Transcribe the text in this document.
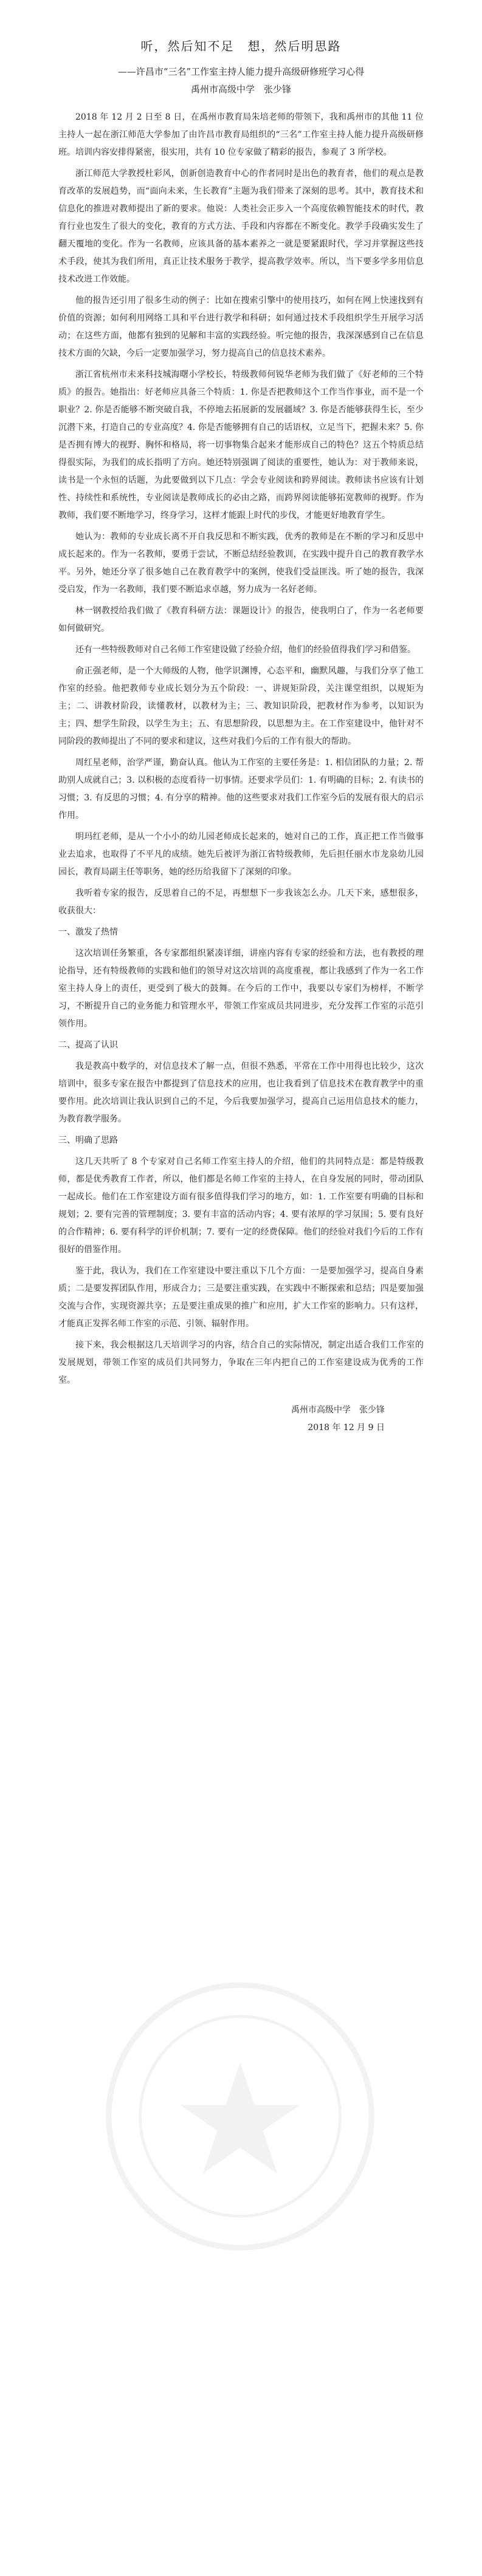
听，然后知不足　想，然后明思路
——许昌市“三名”工作室主持人能力提升高级研修班学习心得
禹州市高级中学　张少锋

2018 年 12 月 2 日至 8 日，在禹州市教育局朱培老师的带领下，我和禹州市的其他 11 位主持人一起在浙江师范大学参加了由许昌市教育局组织的“三名”工作室主持人能力提升高级研修班。培训内容安排得紧密，很实用，共有 10 位专家做了精彩的报告，参观了 3 所学校。

浙江师范大学教授杜彩风，创新创造教育中心的作者同时是出色的教育者，他们的观点是教育改革的发展趋势，而“面向未来，生长教育”主题为我们带来了深刻的思考。其中，教育技术和信息化的推进对教师提出了新的要求。他说：人类社会正步入一个高度依赖智能技术的时代，教育行业也发生了很大的变化，教育的方式方法、手段和内容都在不断变化。教学手段确实发生了翻天覆地的变化。作为一名教师，应该具备的基本素养之一就是要紧跟时代，学习并掌握这些技术手段，使其为我们所用，真正让技术服务于教学，提高教学效率。所以，当下要多学多用信息技术改进工作效能。

他的报告还引用了很多生动的例子：比如在搜索引擎中的使用技巧，如何在网上快速找到有价值的资源；如何利用网络工具和平台进行教学和科研；如何通过技术手段组织学生开展学习活动；在这些方面，他都有独到的见解和丰富的实践经验。听完他的报告，我深深感到自己在信息技术方面的欠缺，今后一定要加强学习，努力提高自己的信息技术素养。

浙江省杭州市未来科技城海曙小学校长，特级教师何锐华老师为我们做了《好老师的三个特质》的报告。她指出：好老师应具备三个特质：1. 你是否把教师这个工作当作事业，而不是一个职业？2. 你是否能够不断突破自我，不停地去拓展新的发展疆域？3. 你是否能够获得生长，至少沉潜下来，打造自己的专业高度？4. 你是否能够拥有自己的话语权，立足当下，把握未来？5. 你是否拥有博大的视野、胸怀和格局，将一切事物集合起来才能形成自己的特色？这五个特质总结得很实际，为我们的成长指明了方向。她还特别强调了阅读的重要性，她认为：对于教师来说，读书是一个永恒的话题，为此要做到以下几点：学会专业阅读和跨界阅读。教师读书应该有计划性、持续性和系统性，专业阅读是教师成长的必由之路，而跨界阅读能够拓宽教师的视野。作为教师，我们要不断地学习，终身学习，这样才能跟上时代的步伐，才能更好地教育学生。

她认为：教师的专业成长离不开自我反思和不断实践，优秀的教师是在不断的学习和反思中成长起来的。作为一名教师，要勇于尝试，不断总结经验教训，在实践中提升自己的教育教学水平。另外，她还分享了很多她自己在教育教学中的案例，使我们受益匪浅。听了她的报告，我深受启发，作为一名教师，我们要不断追求卓越，努力成为一名好老师。

林一钢教授给我们做了《教育科研方法：课题设计》的报告，使我明白了，作为一名老师要如何做研究。

还有一些特级教师对自己名师工作室建设做了经验介绍，他们的经验值得我们学习和借鉴。

俞正强老师，是一个大师级的人物，他学识渊博，心态平和，幽默风趣，与我们分享了他工作室的经验。他把教师专业成长划分为五个阶段：一、讲规矩阶段，关注课堂组织，以规矩为主；二、讲教材阶段，读懂教材，以教材为主；三、教知识阶段，把教材作为参考，以知识为主；四、想学生阶段，以学生为主；五、有思想阶段，以思想为主。在工作室建设中，他针对不同阶段的教师提出了不同的要求和建议，这些对我们今后的工作有很大的帮助。

周红星老师，治学严谨，勤奋认真。他认为工作室的主要任务是：1. 相信团队的力量；2. 帮助别人成就自己；3. 以积极的态度看待一切事情。还要求学员们：1. 有明确的目标；2. 有读书的习惯；3. 有反思的习惯；4. 有分享的精神。他的这些要求对我们工作室今后的发展有很大的启示作用。

明玛红老师，是从一个小小的幼儿园老师成长起来的，她对自己的工作，真正把工作当做事业去追求，也取得了不平凡的成绩。她先后被评为浙江省特级教师，先后担任丽水市龙泉幼儿园园长，教育局副主任等职务，她的经历给我留下了深刻的印象。

我听着专家的报告，反思着自己的不足，再想想下一步我该怎么办。几天下来，感想很多，收获很大：

一、激发了热情

这次培训任务繁重，各专家都组织紧凑详细，讲座内容有专家的经验和方法，也有教授的理论指导，还有特级教师的实践和他们的领导对这次培训的高度重视，都让我感到了作为一名工作室主持人身上的责任，更受到了极大的鼓舞。在今后的工作中，我要以专家们为榜样，不断学习，不断提升自己的业务能力和管理水平，带领工作室成员共同进步，充分发挥工作室的示范引领作用。

二、提高了认识

我是教高中数学的，对信息技术了解一点，但很不熟悉，平常在工作中用得也比较少，这次培训中，很多专家在报告中都提到了信息技术的应用，也让我看到了信息技术在教育教学中的重要作用。此次培训让我认识到自己的不足，今后我要加强学习，提高自己运用信息技术的能力，为教育教学服务。

三、明确了思路

这几天共听了 8 个专家对自己名师工作室主持人的介绍，他们的共同特点是：都是特级教师，都是优秀教育工作者，所以，他们都是名师工作室的主持人，在自身发展的同时，带动团队一起成长。他们在工作室建设方面有很多值得我们学习的地方，如：1. 工作室要有明确的目标和规划；2. 要有完善的管理制度；3. 要有丰富的活动内容；4. 要有浓厚的学习氛围；5. 要有良好的合作精神；6. 要有科学的评价机制；7. 要有一定的经费保障。他们的经验对我们今后的工作有很好的借鉴作用。

鉴于此，我认为，我们在工作室建设中要注重以下几个方面：一是要加强学习，提高自身素质；二是要发挥团队作用，形成合力；三是要注重实践，在实践中不断探索和总结；四是要加强交流与合作，实现资源共享；五是要注重成果的推广和应用，扩大工作室的影响力。只有这样，才能真正发挥名师工作室的示范、引领、辐射作用。

接下来，我会根据这几天培训学习的内容，结合自己的实际情况，制定出适合我们工作室的发展规划，带领工作室的成员们共同努力，争取在三年内把自己的工作室建设成为优秀的工作室。

禹州市高级中学　张少锋
2018 年 12 月 9 日
